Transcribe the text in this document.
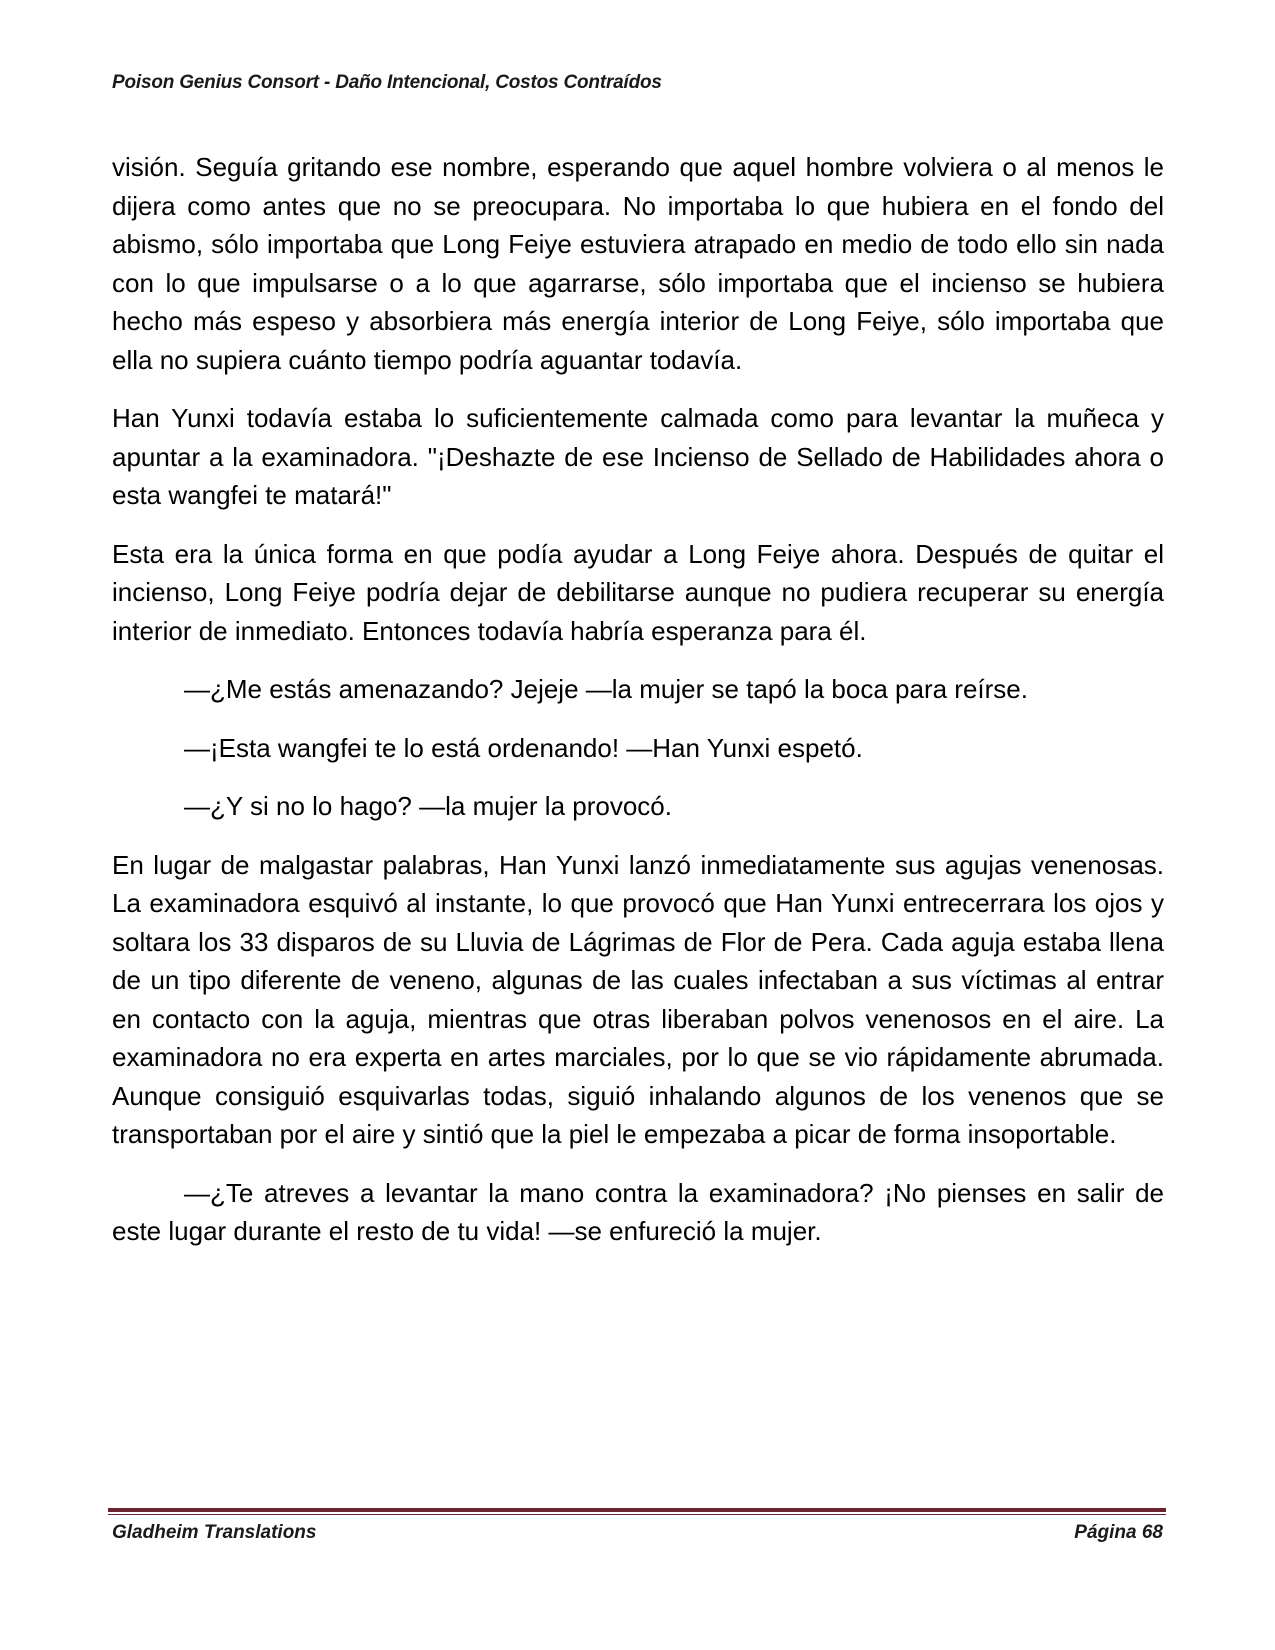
Poison Genius Consort - Daño Intencional, Costos Contraídos

visión. Seguía gritando ese nombre, esperando que aquel hombre volviera o al menos le dijera como antes que no se preocupara. No importaba lo que hubiera en el fondo del abismo, sólo importaba que Long Feiye estuviera atrapado en medio de todo ello sin nada con lo que impulsarse o a lo que agarrarse, sólo importaba que el incienso se hubiera hecho más espeso y absorbiera más energía interior de Long Feiye, sólo importaba que ella no supiera cuánto tiempo podría aguantar todavía.

Han Yunxi todavía estaba lo suficientemente calmada como para levantar la muñeca y apuntar a la examinadora. "¡Deshazte de ese Incienso de Sellado de Habilidades ahora o esta wangfei te matará!"

Esta era la única forma en que podía ayudar a Long Feiye ahora. Después de quitar el incienso, Long Feiye podría dejar de debilitarse aunque no pudiera recuperar su energía interior de inmediato. Entonces todavía habría esperanza para él.

—¿Me estás amenazando? Jejeje —la mujer se tapó la boca para reírse.

—¡Esta wangfei te lo está ordenando! —Han Yunxi espetó.

—¿Y si no lo hago? —la mujer la provocó.

En lugar de malgastar palabras, Han Yunxi lanzó inmediatamente sus agujas venenosas. La examinadora esquivó al instante, lo que provocó que Han Yunxi entrecerrara los ojos y soltara los 33 disparos de su Lluvia de Lágrimas de Flor de Pera. Cada aguja estaba llena de un tipo diferente de veneno, algunas de las cuales infectaban a sus víctimas al entrar en contacto con la aguja, mientras que otras liberaban polvos venenosos en el aire. La examinadora no era experta en artes marciales, por lo que se vio rápidamente abrumada. Aunque consiguió esquivarlas todas, siguió inhalando algunos de los venenos que se transportaban por el aire y sintió que la piel le empezaba a picar de forma insoportable.

—¿Te atreves a levantar la mano contra la examinadora? ¡No pienses en salir de este lugar durante el resto de tu vida! —se enfureció la mujer.

Gladheim Translations	Página 68
